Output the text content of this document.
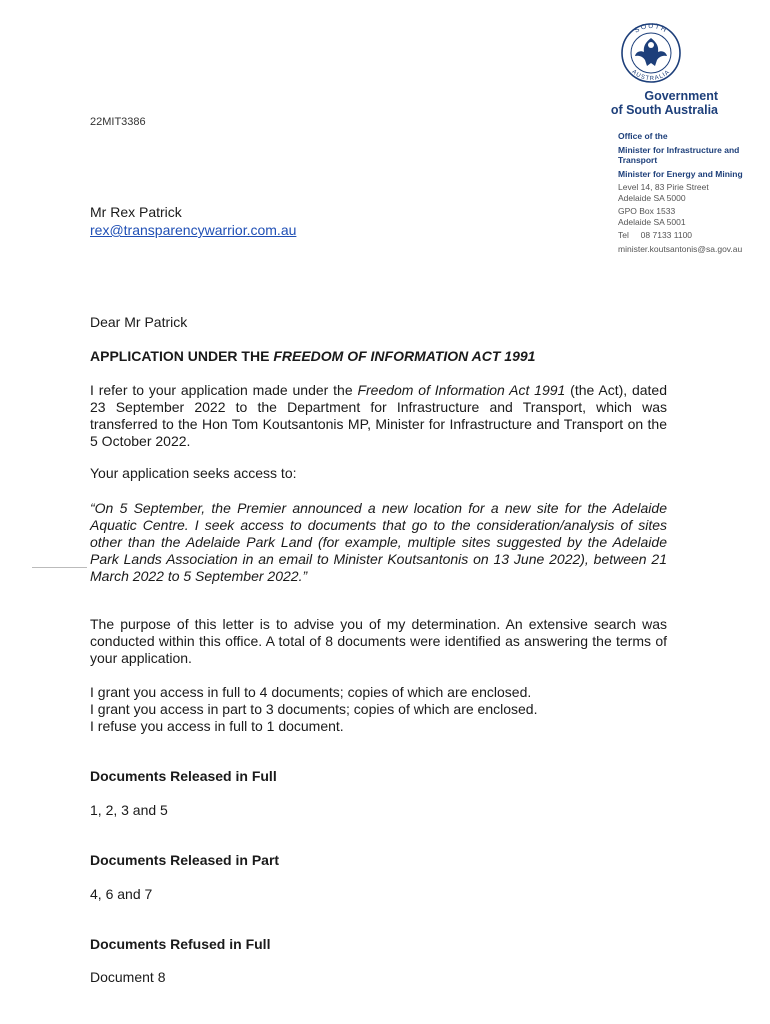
22MIT3386
SOUTH
AUSTRALIA
Government
of South Australia
Office of the
Minister for Infrastructure and Transport
Minister for Energy and Mining
Level 14, 83 Pirie Street
Adelaide SA 5000
GPO Box 1533
Adelaide SA 5001
Tel     08 7133 1100
minister.koutsantonis@sa.gov.au
Mr Rex Patrick
rex@transparencywarrior.com.au

Dear Mr Patrick

APPLICATION UNDER THE FREEDOM OF INFORMATION ACT 1991

I refer to your application made under the Freedom of Information Act 1991 (the Act), dated 23 September 2022 to the Department for Infrastructure and Transport, which was transferred to the Hon Tom Koutsantonis MP, Minister for Infrastructure and Transport on the 5 October 2022.

Your application seeks access to:

“On 5 September, the Premier announced a new location for a new site for the Adelaide Aquatic Centre. I seek access to documents that go to the consideration/analysis of sites other than the Adelaide Park Land (for example, multiple sites suggested by the Adelaide Park Lands Association in an email to Minister Koutsantonis on 13 June 2022), between 21 March 2022 to 5 September 2022.”

The purpose of this letter is to advise you of my determination. An extensive search was conducted within this office. A total of 8 documents were identified as answering the terms of your application.

I grant you access in full to 4 documents; copies of which are enclosed.
I grant you access in part to 3 documents; copies of which are enclosed.
I refuse you access in full to 1 document.

Documents Released in Full

1, 2, 3 and 5

Documents Released in Part

4, 6 and 7

Documents Refused in Full

Document 8
